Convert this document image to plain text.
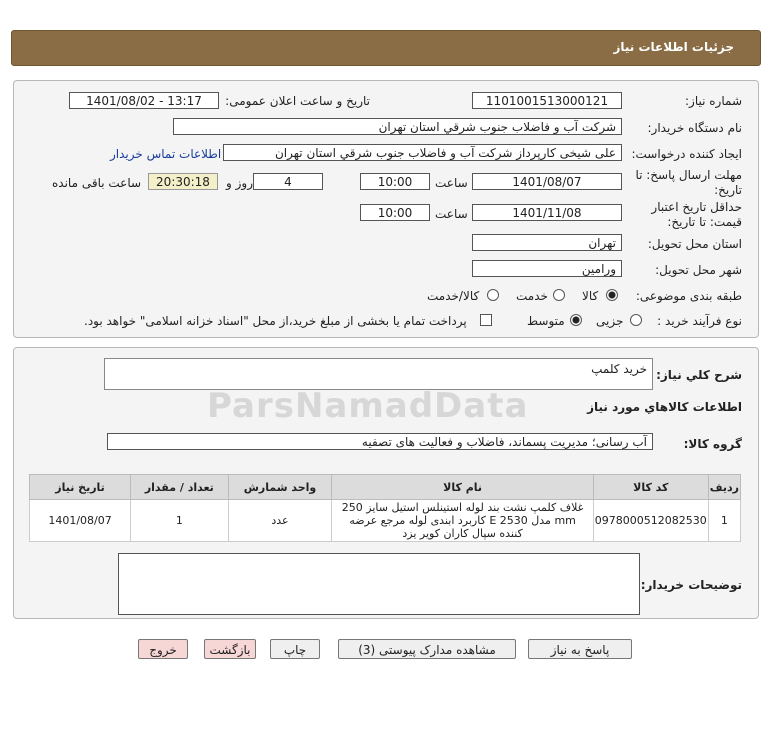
جزئیات اطلاعات نیاز
شماره نیاز:
1101001513000121
تاریخ و ساعت اعلان عمومی:
1401/08/02 - 13:17
نام دستگاه خریدار:
شرکت آب و فاضلاب جنوب شرقي استان تهران
ایجاد کننده درخواست:
علی شیخی کارپرداز شرکت آب و فاضلاب جنوب شرقي استان تهران
اطلاعات تماس خریدار
مهلت ارسال پاسخ: تا
تاریخ:
1401/08/07
ساعت
10:00
4
روز و
20:30:18
ساعت باقی مانده
حداقل تاریخ اعتبار
قیمت: تا تاریخ:
1401/11/08
ساعت
10:00
استان محل تحویل:
تهران
شهر محل تحویل:
ورامین
طبقه بندی موضوعی:
کالا
خدمت
کالا/خدمت
نوع فرآیند خرید :
جزیی
متوسط
پرداخت تمام یا بخشی از مبلغ خرید،از محل "اسناد خزانه اسلامی" خواهد بود.
شرح کلي نياز:
خرید کلمپ
اطلاعات کالاهاي مورد نياز
ParsNamadData
گروه کالا:
آب رسانی؛ مدیریت پسماند، فاضلاب و فعالیت های تصفیه
ردیف	کد کالا	نام کالا	واحد شمارش	تعداد / مقدار	تاریخ نیاز
1	0978000512082530	غلاف کلمپ نشت بند لوله استینلس استیل سایز 250 mm مدل E 2530 کاربرد ابندی لوله مرجع عرضه کننده سپال کاران کویر یزد	عدد	1	1401/08/07
توضیحات خریدار:
پاسخ به نیاز
مشاهده مدارک پیوستی (3)
چاپ
بازگشت
خروج
